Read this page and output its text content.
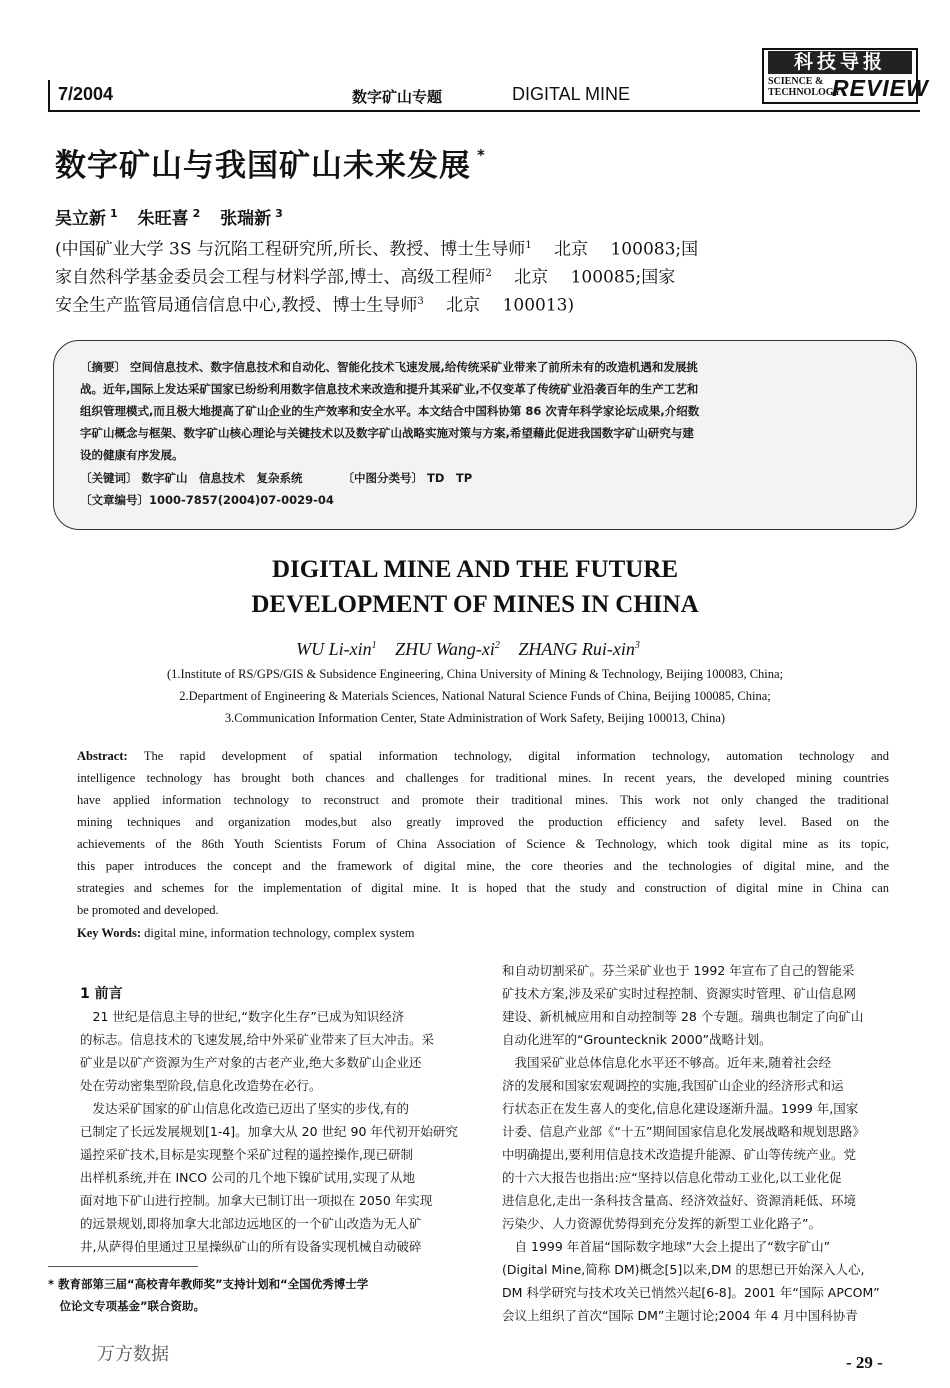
7/2004	数字矿山专题	DIGITAL MINE
科技导报
SCIENCE &
TECHNOLOGY
REVIEW
数字矿山与我国矿山未来发展 *
吴立新 $^1$ 朱旺喜 $^2$ 张瑞新 $^3$
(中国矿业大学 3S 与沉陷工程研究所,所长、教授、博士生导师$^1$　 北京　 100083;国
家自然科学基金委员会工程与材料学部,博士、高级工程师$^2$　 北京　 100085;国家
安全生产监管局通信信息中心,教授、博士生导师$^3$　 北京　 100013)
〔摘要〕 空间信息技术、数字信息技术和自动化、智能化技术飞速发展,给传统采矿业带来了前所未有的改造机遇和发展挑
战。近年,国际上发达采矿国家已纷纷利用数字信息技术来改造和提升其采矿业,不仅变革了传统矿业沿袭百年的生产工艺和
组织管理模式,而且极大地提高了矿山企业的生产效率和安全水平。本文结合中国科协第 86 次青年科学家论坛成果,介绍数
字矿山概念与框架、数字矿山核心理论与关键技术以及数字矿山战略实施对策与方案,希望藉此促进我国数字矿山研究与建
设的健康有序发展。
〔关键词〕 数字矿山　信息技术　复杂系统	〔中图分类号〕 TD　TP
〔文章编号〕1000-7857(2004)07-0029-04
DIGITAL MINE AND THE FUTURE
DEVELOPMENT OF MINES IN CHINA
WU Li-xin$^1$ ZHU Wang-$xi^2$ ZHANG Rui-xin$^3$
(1.Institute of RS/GPS/GIS & Subsidence Engineering, China University of Mining & Technology, Beijing 100083, China;
2.Department of Engineering & Materials Sciences, National Natural Science Funds of China, Beijing 100085, China;
3.Communication Information Center, State Administration of Work Safety, Beijing 100013, China)
Abstract: The rapid development of spatial information technology, digital information technology, automation technology and
intelligence technology has brought both chances and challenges for traditional mines. In recent years, the developed mining countries
have applied information technology to reconstruct and promote their traditional mines. This work not only changed the traditional
mining techniques and organization modes,but also greatly improved the production efficiency and safety level. Based on the
achievements of the 86th Youth Scientists Forum of China Association of Science & Technology, which took digital mine as its topic,
this paper introduces the concept and the framework of digital mine, the core theories and the technologies of digital mine, and the
strategies and schemes for the implementation of digital mine. It is hoped that the study and construction of digital mine in China can
be promoted and developed.
Key Words: digital mine, information technology, complex system
1 前言
　21 世纪是信息主导的世纪,“数字化生存”已成为知识经济
的标志。信息技术的飞速发展,给中外采矿业带来了巨大冲击。采
矿业是以矿产资源为生产对象的古老产业,绝大多数矿山企业还
处在劳动密集型阶段,信息化改造势在必行。
　发达采矿国家的矿山信息化改造已迈出了坚实的步伐,有的
已制定了长远发展规划[1-4]。加拿大从 20 世纪 90 年代初开始研究
遥控采矿技术,目标是实现整个采矿过程的遥控操作,现已研制
出样机系统,并在 INCO 公司的几个地下镍矿试用,实现了从地
面对地下矿山进行控制。加拿大已制订出一项拟在 2050 年实现
的远景规划,即将加拿大北部边远地区的一个矿山改造为无人矿
井,从萨得伯里通过卫星操纵矿山的所有设备实现机械自动破碎
和自动切割采矿。芬兰采矿业也于 1992 年宣布了自己的智能采
矿技术方案,涉及采矿实时过程控制、资源实时管理、矿山信息网
建设、新机械应用和自动控制等 28 个专题。瑞典也制定了向矿山
自动化进军的“Grountecknik 2000”战略计划。
　我国采矿业总体信息化水平还不够高。近年来,随着社会经
济的发展和国家宏观调控的实施,我国矿山企业的经济形式和运
行状态正在发生喜人的变化,信息化建设逐渐升温。1999 年,国家
计委、信息产业部《“十五”期间国家信息化发展战略和规划思路》
中明确提出,要利用信息技术改造提升能源、矿山等传统产业。党
的十六大报告也指出:应“坚持以信息化带动工业化,以工业化促
进信息化,走出一条科技含量高、经济效益好、资源消耗低、环境
污染少、人力资源优势得到充分发挥的新型工业化路子”。
　自 1999 年首届“国际数字地球”大会上提出了“数字矿山”
(Digital Mine,简称 DM)概念[5]以来,DM 的思想已开始深入人心,
DM 科学研究与技术攻关已悄然兴起[6-8]。2001 年“国际 APCOM”
会议上组织了首次“国际 DM”主题讨论;2004 年 4 月中国科协青
* 教育部第三届“高校青年教师奖”支持计划和“全国优秀博士学
　位论文专项基金”联合资助。
万方数据	- 29 -
